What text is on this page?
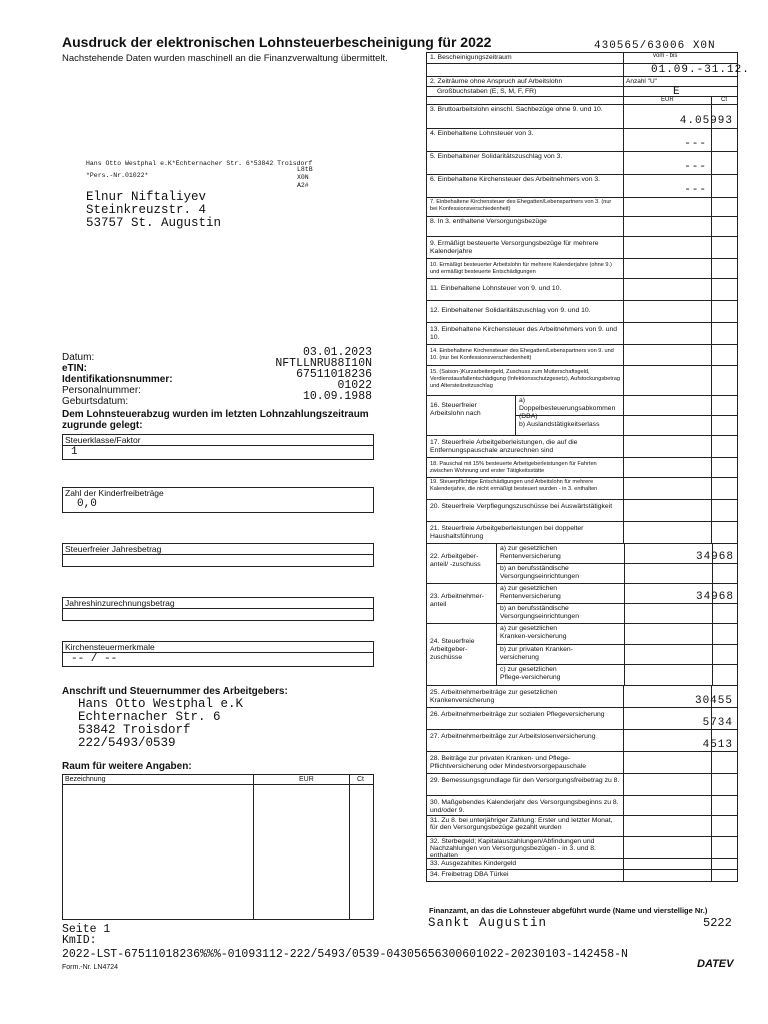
Ausdruck der elektronischen Lohnsteuerbescheinigung für 2022
Nachstehende Daten wurden maschinell an die Finanzverwaltung übermittelt.
430565/63006 X0N
Hans Otto Westphal e.K*Echternacher Str. 6*53842 Troisdorf
*Pers.-Nr.01022*
L8tB
X0N
A2#
Elnur Niftaliyev
Steinkreuzstr. 4
53757 St. Augustin
Datum:	03.01.2023
eTIN:	NFTLLNRU88I10N
Identifikationsnummer:	67511018236
Personalnummer:	01022
Geburtsdatum:	10.09.1988
Dem Lohnsteuerabzug wurden im letzten Lohnzahlungszeitraum zugrunde gelegt:
Steuerklasse/Faktor
1
Zahl der Kinderfreibeträge
0,0
Steuerfreier Jahresbetrag
Jahreshinzurechnungsbetrag
Kirchensteuermerkmale
-- / --
Anschrift und Steuernummer des Arbeitgebers:
Hans Otto Westphal e.K
Echternacher Str. 6
53842 Troisdorf
222/5493/0539
Raum für weitere Angaben:
Bezeichnung	EUR	Ct
1. Bescheinigungszeitraum	vom - bis
01.09.-31.12.
2. Zeiträume ohne Anspruch auf Arbeitslohn	Anzahl "U"
Großbuchstaben (E, S, M, F, FR)	E
EUR	Ct
3. Bruttoarbeitslohn einschl. Sachbezüge ohne 9. und 10.
4.05993
4. Einbehaltene Lohnsteuer von 3.
---
5. Einbehaltener Solidaritätszuschlag von 3.
---
6. Einbehaltene Kirchensteuer des Arbeitnehmers von 3.
---
7. Einbehaltene Kirchensteuer des Ehegatten/Lebenspartners von 3. (nur bei Konfessionsverschiedenheit)
8. In 3. enthaltene Versorgungsbezüge
9. Ermäßigt besteuerte Versorgungsbezüge für mehrere Kalenderjahre
10. Ermäßigt besteuerter Arbeitslohn für mehrere Kalenderjahre (ohne 9.) und ermäßigt besteuerte Entschädigungen
11. Einbehaltene Lohnsteuer von 9. und 10.
12. Einbehaltener Solidaritätszuschlag von 9. und 10.
13. Einbehaltene Kirchensteuer des Arbeitnehmers von 9. und 10.
14. Einbehaltene Kirchensteuer des Ehegatten/Lebenspartners von 9. und 10. (nur bei Konfessionsverschiedenheit)
15. (Saison-)Kurzarbeitergeld, Zuschuss zum Mutterschaftsgeld, Verdienstausfallentschädigung (Infektionsschutzgesetz), Aufstockungsbetrag und Altersteilzeitzuschlag
16. Steuerfreier Arbeitslohn nach
a) Doppelbesteuerungsabkommen (DBA)
b) Auslandstätigkeitserlass
17. Steuerfreie Arbeitgeberleistungen, die auf die Entfernungspauschale anzurechnen sind
18. Pauschal mit 15% besteuerte Arbeitgeberleistungen für Fahrten zwischen Wohnung und erster Tätigkeitsstätte
19. Steuerpflichtige Entschädigungen und Arbeitslohn für mehrere Kalenderjahre, die nicht ermäßigt besteuert wurden - in 3. enthalten
20. Steuerfreie Verpflegungszuschüsse bei Auswärtstätigkeit
21. Steuerfreie Arbeitgeberleistungen bei doppelter Haushaltsführung
22. Arbeitgeber-anteil/ -zuschuss
a) zur gesetzlichen Rentenversicherung	34968
b) an berufsständische Versorgungseinrichtungen
23. Arbeitnehmer-anteil
a) zur gesetzlichen Rentenversicherung	34968
b) an berufsständische Versorgungseinrichtungen
24. Steuerfreie Arbeitgeber-zuschüsse
a) zur gesetzlichen Kranken-versicherung
b) zur privaten Kranken-versicherung
c) zur gesetzlichen Pflege-versicherung
25. Arbeitnehmerbeiträge zur gesetzlichen Krankenversicherung	30455
26. Arbeitnehmerbeiträge zur sozialen Pflegeversicherung
5734
27. Arbeitnehmerbeiträge zur Arbeitslosenversicherung
4513
28. Beiträge zur privaten Kranken- und Pflege-Pflichtversicherung oder Mindestvorsorgepauschale
29. Bemessungsgrundlage für den Versorgungsfreibetrag zu 8.
30. Maßgebendes Kalenderjahr des Versorgungsbeginns zu 8. und/oder 9.
31. Zu 8. bei unterjähriger Zahlung: Erster und letzter Monat, für den Versorgungsbezüge gezahlt wurden
32. Sterbegeld; Kapitalauszahlungen/Abfindungen und Nachzahlungen von Versorgungsbezügen - in 3. und 8. enthalten
33. Ausgezahltes Kindergeld
34. Freibetrag DBA Türkei
Finanzamt, an das die Lohnsteuer abgeführt wurde (Name und vierstellige Nr.)
Sankt Augustin	5222
Seite 1
KmID:
2022-LST-67511018236%%%-01093112-222/5493/0539-04305656300601022-20230103-142458-N
Form.-Nr. LN4724	DATEV
